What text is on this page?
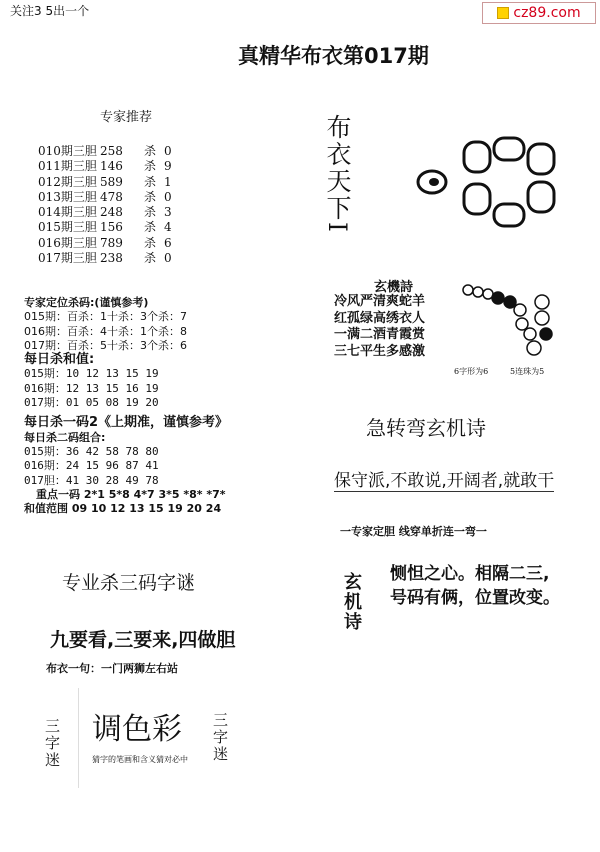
关注3 5出一个	cz89.com
真精华布衣第017期
专家推荐
010期三胆 258 杀 0
011期三胆 146 杀 9
012期三胆 589 杀 1
013期三胆 478 杀 0
014期三胆 248 杀 3
015期三胆 156 杀 4
016期三胆 789 杀 6
017期三胆 238 杀 0
专家定位杀码:(谨慎参考)
015期：百杀：1十杀：3个杀：7
016期：百杀：4十杀：1个杀：8
017期：百杀：5十杀：3个杀：6
每日杀和值:
015期：10 12 13 15 19
016期：12 13 15 16 19
017期：01 05 08 19 20
每日杀一码2《上期准，谨慎参考》
每日杀二码组合:
015期：36 42 58 78 80
016期：24 15 96 87 41
017胆：41 30 28 49 78
重点一码 2*1 5*8 4*7 3*5 *8* *7*
和值范围 09 10 12 13 15 19 20 24
专业杀三码字谜
九要看,三要来,四做胆
布衣一句：一门两狮左右站
三字迷 调色彩
猜字的笔画和含义猜对必中 三字迷
布衣天下I
玄機詩
冷风严清爽蛇羊
红孤绿高绣衣人
一满二酒青霞赏
三七平生多感激
6字形为6	5连珠为5
急转弯玄机诗
保守派,不敢说,开阔者,就敢干
一专家定胆 线穿单折连一弯一
玄机诗 恻怛之心。相隔二三,
号码有俩，位置改变。
